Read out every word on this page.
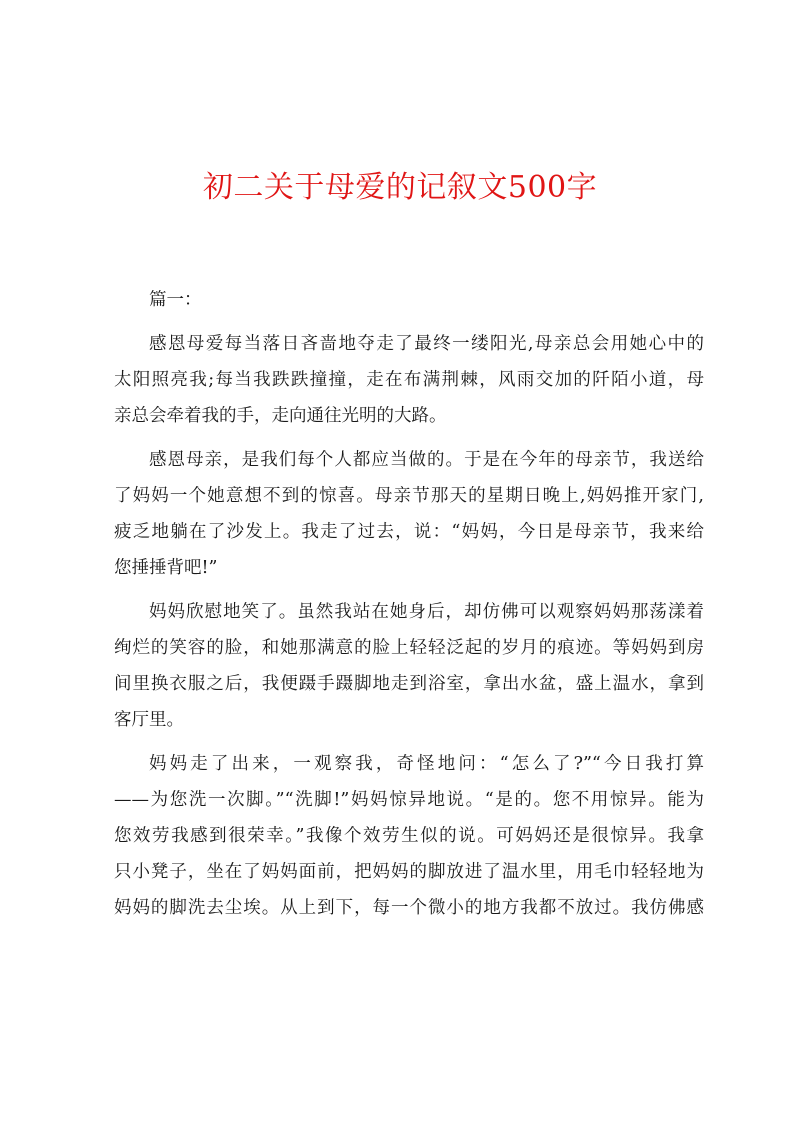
初二关于母爱的记叙文500字
篇一：
感恩母爱每当落日吝啬地夺走了最终一缕阳光,母亲总会用她心中的
太阳照亮我;每当我跌跌撞撞，走在布满荆棘，风雨交加的阡陌小道，母
亲总会牵着我的手，走向通往光明的大路。
感恩母亲，是我们每个人都应当做的。于是在今年的母亲节，我送给
了妈妈一个她意想不到的惊喜。母亲节那天的星期日晚上,妈妈推开家门,
疲乏地躺在了沙发上。我走了过去，说：“妈妈，今日是母亲节，我来给
您捶捶背吧!”
妈妈欣慰地笑了。虽然我站在她身后，却仿佛可以观察妈妈那荡漾着
绚烂的笑容的脸，和她那满意的脸上轻轻泛起的岁月的痕迹。等妈妈到房
间里换衣服之后，我便蹑手蹑脚地走到浴室，拿出水盆，盛上温水，拿到
客厅里。
妈妈走了出来，一观察我，奇怪地问：“怎么了?”“今日我打算
——为您洗一次脚。”“洗脚!”妈妈惊异地说。“是的。您不用惊异。能为
您效劳我感到很荣幸。”我像个效劳生似的说。可妈妈还是很惊异。我拿
只小凳子，坐在了妈妈面前，把妈妈的脚放进了温水里，用毛巾轻轻地为
妈妈的脚洗去尘埃。从上到下，每一个微小的地方我都不放过。我仿佛感
